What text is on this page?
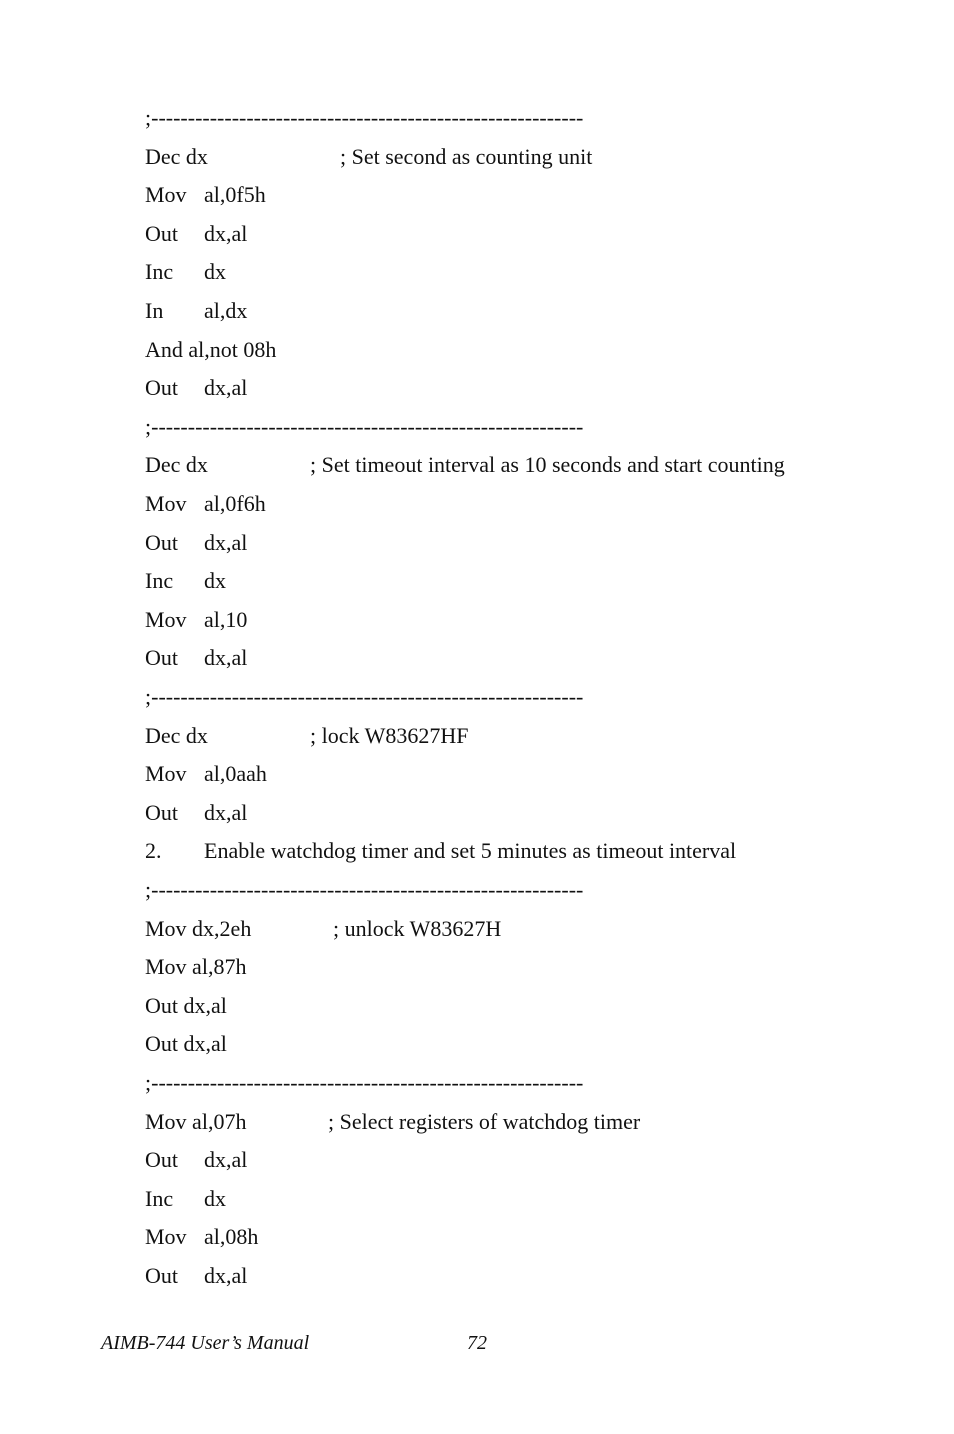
;-----------------------------------------------------------
Dec dx	; Set second as counting unit
Mov al,0f5h
Out dx,al
Inc dx
In al,dx
And al,not 08h
Out dx,al
;-----------------------------------------------------------
Dec dx	; Set timeout interval as 10 seconds and start counting
Mov al,0f6h
Out dx,al
Inc dx
Mov al,10
Out dx,al
;-----------------------------------------------------------
Dec dx	; lock W83627HF
Mov al,0aah
Out dx,al
2. Enable watchdog timer and set 5 minutes as timeout interval
;-----------------------------------------------------------
Mov dx,2eh	; unlock W83627H
Mov al,87h
Out dx,al
Out dx,al
;-----------------------------------------------------------
Mov al,07h	; Select registers of watchdog timer
Out dx,al
Inc dx
Mov al,08h
Out dx,al
AIMB-744 User’s Manual	72
